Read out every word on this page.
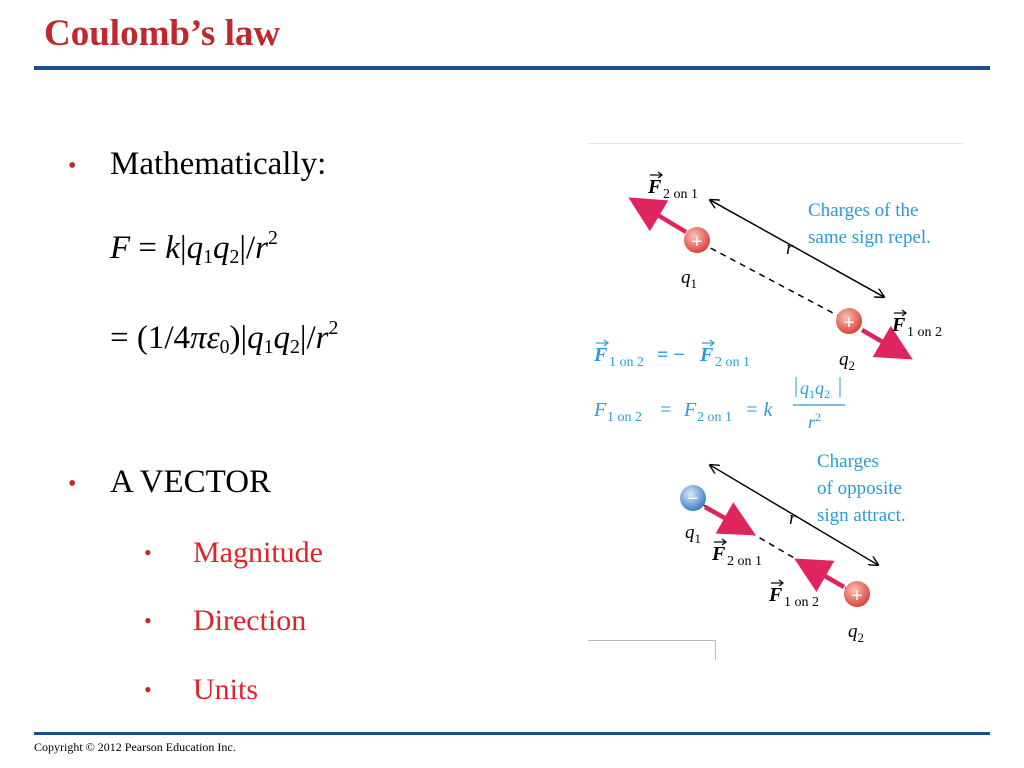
Coulomb’s law
• Mathematically:
$F = k|q_1q_2|/r^2$
= $(1/4\pi\varepsilon_0)|q_1q_2|/r^2$
• A VECTOR
• Magnitude
• Direction
• Units
r
+
+
$q_1$
$q_2$
F 2 on 1
F 1 on 2
Charges of the
same sign repel.
F 1 on 2 = − F 2 on 1
F 1 on 2 = F 2 on 1 = k
$q_1q_2$
$r^2$
r
−
+
$q_1$
$q_2$
F 2 on 1
F 1 on 2
Charges
of opposite
sign attract.
Copyright © 2012 Pearson Education Inc.
